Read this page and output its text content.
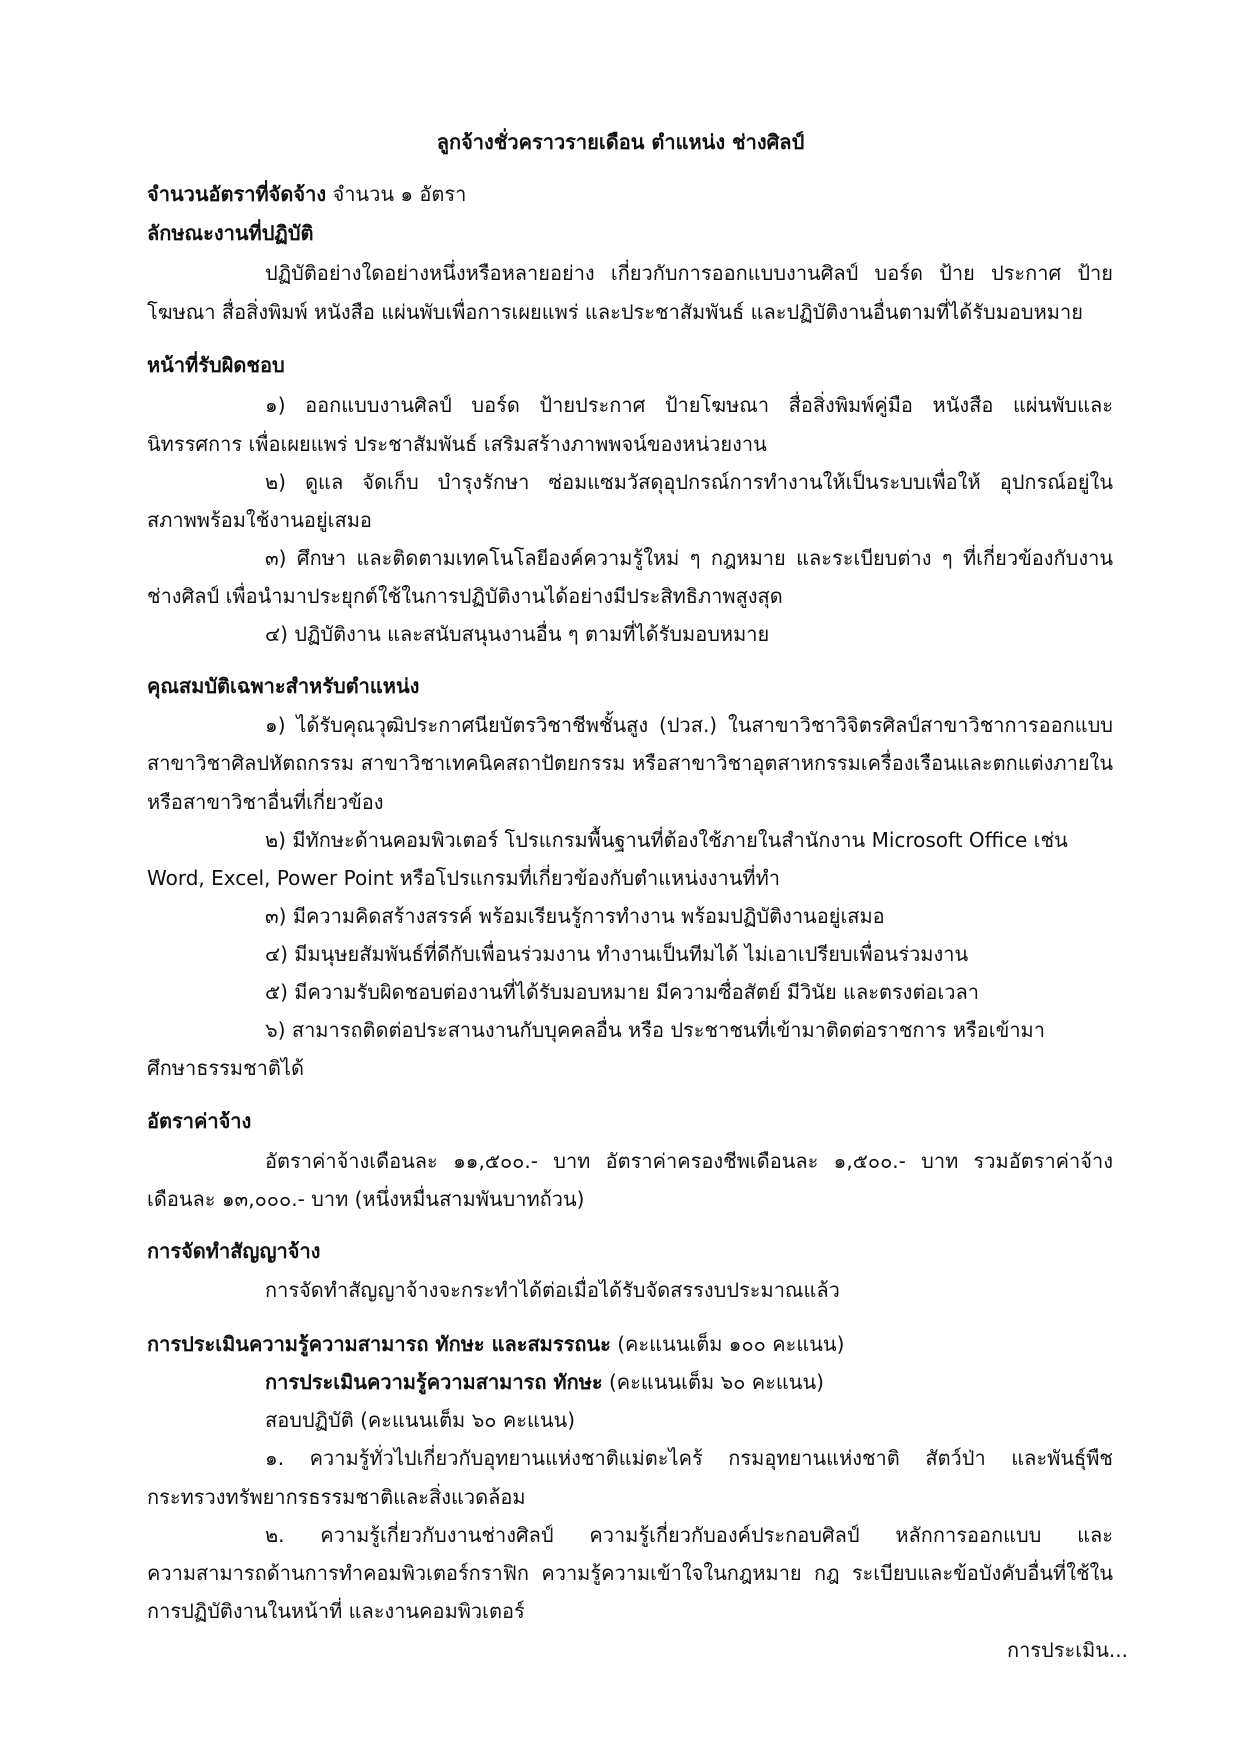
ลูกจ้างชั่วคราวรายเดือน ตำแหน่ง ช่างศิลป์
จำนวนอัตราที่จัดจ้าง จำนวน ๑ อัตรา
ลักษณะงานที่ปฏิบัติ
ปฏิบัติอย่างใดอย่างหนึ่งหรือหลายอย่าง เกี่ยวกับการออกแบบงานศิลป์ บอร์ด ป้าย ประกาศ ป้าย
โฆษณา สื่อสิ่งพิมพ์ หนังสือ แผ่นพับเพื่อการเผยแพร่ และประชาสัมพันธ์ และปฏิบัติงานอื่นตามที่ได้รับมอบหมาย
หน้าที่รับผิดชอบ
๑) ออกแบบงานศิลป์ บอร์ด ป้ายประกาศ ป้ายโฆษณา สื่อสิ่งพิมพ์คู่มือ หนังสือ แผ่นพับและ
นิทรรศการ เพื่อเผยแพร่ ประชาสัมพันธ์ เสริมสร้างภาพพจน์ของหน่วยงาน
๒) ดูแล จัดเก็บ บำรุงรักษา ซ่อมแซมวัสดุอุปกรณ์การทำงานให้เป็นระบบเพื่อให้ อุปกรณ์อยู่ใน
สภาพพร้อมใช้งานอยู่เสมอ
๓) ศึกษา และติดตามเทคโนโลยีองค์ความรู้ใหม่ ๆ กฎหมาย และระเบียบต่าง ๆ ที่เกี่ยวข้องกับงาน
ช่างศิลป์ เพื่อนำมาประยุกต์ใช้ในการปฏิบัติงานได้อย่างมีประสิทธิภาพสูงสุด
๔) ปฏิบัติงาน และสนับสนุนงานอื่น ๆ ตามที่ได้รับมอบหมาย
คุณสมบัติเฉพาะสำหรับตำแหน่ง
๑) ได้รับคุณวุฒิประกาศนียบัตรวิชาชีพชั้นสูง (ปวส.) ในสาขาวิชาวิจิตรศิลป์สาขาวิชาการออกแบบ
สาขาวิชาศิลปหัตถกรรม สาขาวิชาเทคนิคสถาปัตยกรรม หรือสาขาวิชาอุตสาหกรรมเครื่องเรือนและตกแต่งภายใน
หรือสาขาวิชาอื่นที่เกี่ยวข้อง
๒) มีทักษะด้านคอมพิวเตอร์ โปรแกรมพื้นฐานที่ต้องใช้ภายในสำนักงาน Microsoft Office เช่น
Word, Excel, Power Point หรือโปรแกรมที่เกี่ยวข้องกับตำแหน่งงานที่ทำ
๓) มีความคิดสร้างสรรค์ พร้อมเรียนรู้การทำงาน พร้อมปฏิบัติงานอยู่เสมอ
๔) มีมนุษยสัมพันธ์ที่ดีกับเพื่อนร่วมงาน ทำงานเป็นทีมได้ ไม่เอาเปรียบเพื่อนร่วมงาน
๕) มีความรับผิดชอบต่องานที่ได้รับมอบหมาย มีความซื่อสัตย์ มีวินัย และตรงต่อเวลา
๖) สามารถติดต่อประสานงานกับบุคคลอื่น หรือ ประชาชนที่เข้ามาติดต่อราชการ หรือเข้ามา
ศึกษาธรรมชาติได้
อัตราค่าจ้าง
อัตราค่าจ้างเดือนละ ๑๑,๕๐๐.- บาท อัตราค่าครองชีพเดือนละ ๑,๕๐๐.- บาท รวมอัตราค่าจ้าง
เดือนละ ๑๓,๐๐๐.- บาท (หนึ่งหมื่นสามพันบาทถ้วน)
การจัดทำสัญญาจ้าง
การจัดทำสัญญาจ้างจะกระทำได้ต่อเมื่อได้รับจัดสรรงบประมาณแล้ว
การประเมินความรู้ความสามารถ ทักษะ และสมรรถนะ (คะแนนเต็ม ๑๐๐ คะแนน)
การประเมินความรู้ความสามารถ ทักษะ (คะแนนเต็ม ๖๐ คะแนน)
สอบปฏิบัติ (คะแนนเต็ม ๖๐ คะแนน)
๑. ความรู้ทั่วไปเกี่ยวกับอุทยานแห่งชาติแม่ตะไคร้ กรมอุทยานแห่งชาติ สัตว์ป่า และพันธุ์พืช
กระทรวงทรัพยากรธรรมชาติและสิ่งแวดล้อม
๒. ความรู้เกี่ยวกับงานช่างศิลป์ ความรู้เกี่ยวกับองค์ประกอบศิลป์ หลักการออกแบบ และ
ความสามารถด้านการทำคอมพิวเตอร์กราฟิก ความรู้ความเข้าใจในกฎหมาย กฎ ระเบียบและข้อบังคับอื่นที่ใช้ใน
การปฏิบัติงานในหน้าที่ และงานคอมพิวเตอร์
การประเมิน...
